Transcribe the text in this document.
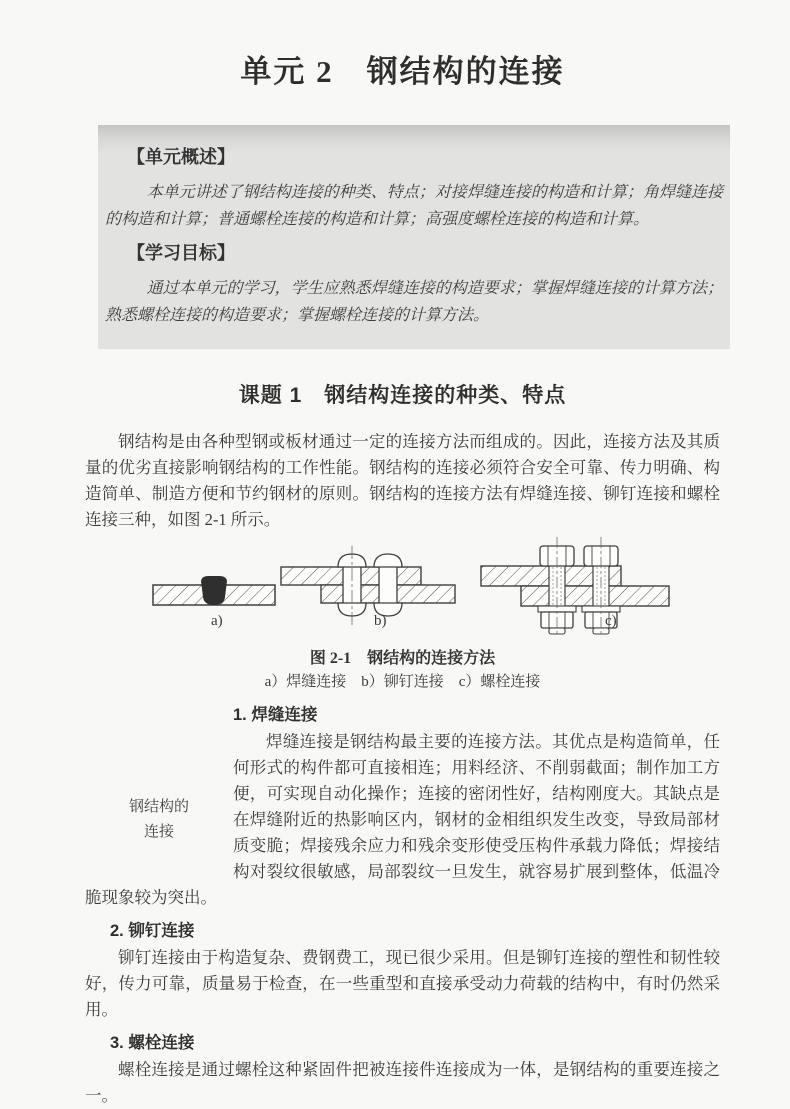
单元 2　钢结构的连接
【单元概述】

本单元讲述了钢结构连接的种类、特点；对接焊缝连接的构造和计算；角焊缝连接的构造和计算；普通螺栓连接的构造和计算；高强度螺栓连接的构造和计算。

【学习目标】

通过本单元的学习，学生应熟悉焊缝连接的构造要求；掌握焊缝连接的计算方法；熟悉螺栓连接的构造要求；掌握螺栓连接的计算方法。

课题 1　钢结构连接的种类、特点

钢结构是由各种型钢或板材通过一定的连接方法而组成的。因此，连接方法及其质量的优劣直接影响钢结构的工作性能。钢结构的连接必须符合安全可靠、传力明确、构造简单、制造方便和节约钢材的原则。钢结构的连接方法有焊缝连接、铆钉连接和螺栓连接三种，如图 2-1 所示。

a)	b)	c)
图 2-1　钢结构的连接方法
a）焊缝连接　b）铆钉连接　c）螺栓连接
钢结构的
连接
1. 焊缝连接

焊缝连接是钢结构最主要的连接方法。其优点是构造简单，任何形式的构件都可直接相连；用料经济、不削弱截面；制作加工方便，可实现自动化操作；连接的密闭性好，结构刚度大。其缺点是在焊缝附近的热影响区内，钢材的金相组织发生改变，导致局部材质变脆；焊接残余应力和残余变形使受压构件承载力降低；焊接结构对裂纹很敏感，局部裂纹一旦发生，就容易扩展到整体，低温冷脆现象较为突出。

2. 铆钉连接

铆钉连接由于构造复杂、费钢费工，现已很少采用。但是铆钉连接的塑性和韧性较好，传力可靠，质量易于检查，在一些重型和直接承受动力荷载的结构中，有时仍然采用。

3. 螺栓连接

螺栓连接是通过螺栓这种紧固件把被连接件连接成为一体，是钢结构的重要连接之一。
